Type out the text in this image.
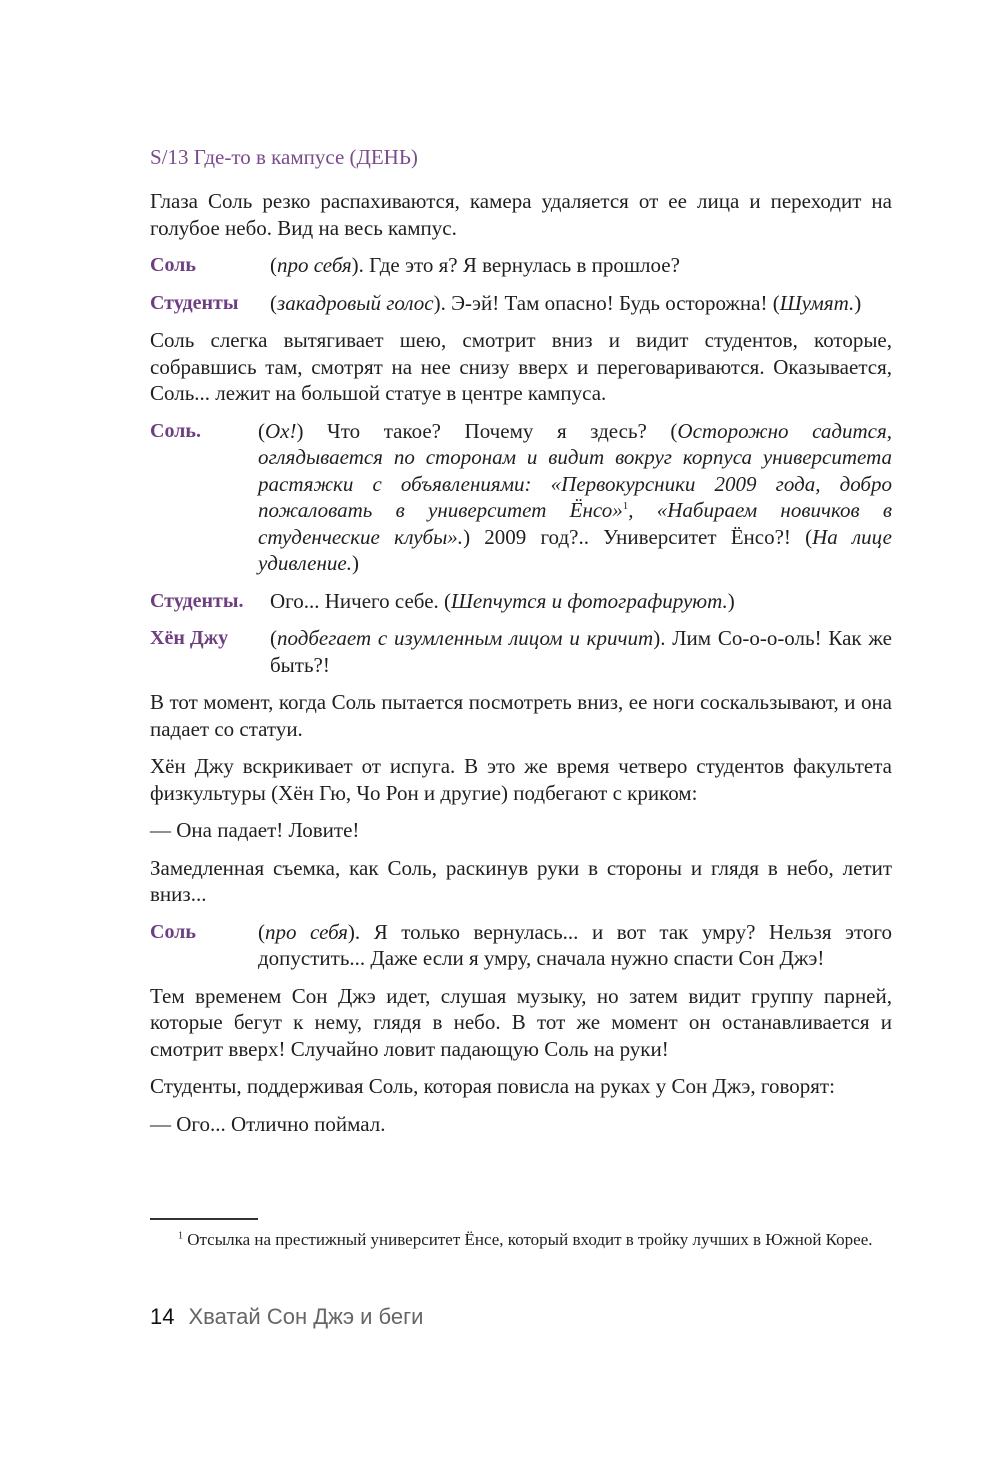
S/13 Где-то в кампусе (ДЕНЬ)

Глаза Соль резко распахиваются, камера удаляется от ее лица и переходит на голубое небо. Вид на весь кампус.

Соль	(про себя). Где это я? Я вернулась в прошлое?
Студенты	(закадровый голос). Э-эй! Там опасно! Будь осторожна! (Шумят.)

Соль слегка вытягивает шею, смотрит вниз и видит студентов, которые, собравшись там, смотрят на нее снизу вверх и переговариваются. Оказывается, Соль... лежит на большой статуе в центре кампуса.

Соль.	(Ох!) Что такое? Почему я здесь? (Осторожно садится, оглядывается по сторонам и видит вокруг корпуса университета растяжки с объявлениями: «Первокурсники 2009 года, добро пожаловать в университет Ёнсо»$^1$, «Набираем новичков в студенческие клубы».) 2009 год?.. Университет Ёнсо?! (На лице удивление.)
Студенты.	Ого... Ничего себе. (Шепчутся и фотографируют.)
Хён Джу	(подбегает с изумленным лицом и кричит). Лим Со-о-о-оль! Как же быть?!

В тот момент, когда Соль пытается посмотреть вниз, ее ноги соскальзывают, и она падает со статуи.

Хён Джу вскрикивает от испуга. В это же время четверо студентов факультета физкультуры (Хён Гю, Чо Рон и другие) подбегают с криком:

— Она падает! Ловите!

Замедленная съемка, как Соль, раскинув руки в стороны и глядя в небо, летит вниз...

Соль	(про себя). Я только вернулась... и вот так умру? Нельзя этого допустить... Даже если я умру, сначала нужно спасти Сон Джэ!

Тем временем Сон Джэ идет, слушая музыку, но затем видит группу парней, которые бегут к нему, глядя в небо. В тот же момент он останавливается и смотрит вверх! Случайно ловит падающую Соль на руки!

Студенты, поддерживая Соль, которая повисла на руках у Сон Джэ, говорят:

— Ого... Отлично поймал.

$^1$ Отсылка на престижный университет Ёнсе, который входит в тройку лучших в Южной Корее.
14 Хватай Сон Джэ и беги
